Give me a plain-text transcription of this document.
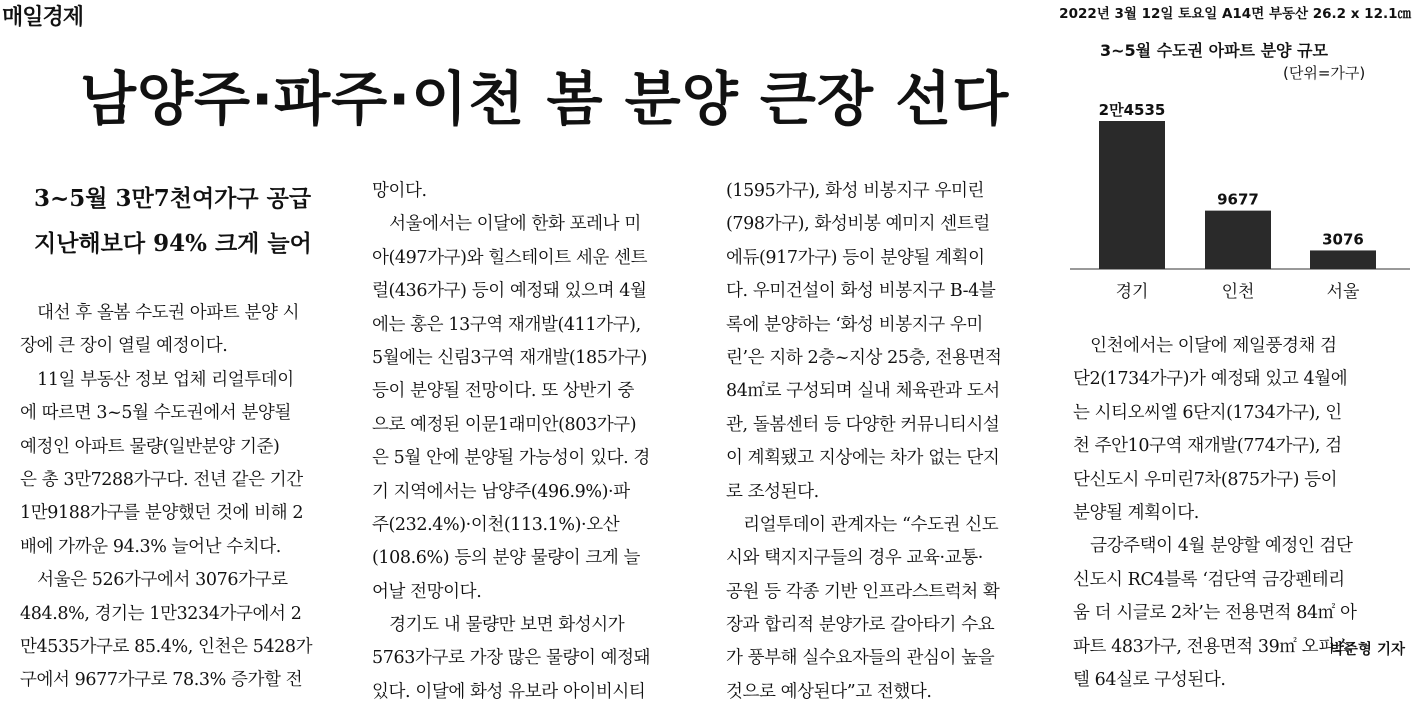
매일경제	2022년 3월 12일 토요일 A14면 부동산 26.2 x 12.1㎝
남양주·파주·이천 봄 분양 큰장 선다
3~5월 3만7천여가구 공급
지난해보다 94% 크게 늘어
　대선 후 올봄 수도권 아파트 분양 시
장에 큰 장이 열릴 예정이다.
　11일 부동산 정보 업체 리얼투데이
에 따르면 3~5월 수도권에서 분양될
예정인 아파트 물량(일반분양 기준)
은 총 3만7288가구다. 전년 같은 기간
1만9188가구를 분양했던 것에 비해 2
배에 가까운 94.3% 늘어난 수치다.
　서울은 526가구에서 3076가구로
484.8%, 경기는 1만3234가구에서 2
만4535가구로 85.4%, 인천은 5428가
구에서 9677가구로 78.3% 증가할 전
망이다.
　서울에서는 이달에 한화 포레나 미
아(497가구)와 힐스테이트 세운 센트
럴(436가구) 등이 예정돼 있으며 4월
에는 홍은 13구역 재개발(411가구),
5월에는 신림3구역 재개발(185가구)
등이 분양될 전망이다. 또 상반기 중
으로 예정된 이문1래미안(803가구)
은 5월 안에 분양될 가능성이 있다. 경
기 지역에서는 남양주(496.9%)·파
주(232.4%)·이천(113.1%)·오산
(108.6%) 등의 분양 물량이 크게 늘
어날 전망이다.
　경기도 내 물량만 보면 화성시가
5763가구로 가장 많은 물량이 예정돼
있다. 이달에 화성 유보라 아이비시티
(1595가구), 화성 비봉지구 우미린
(798가구), 화성비봉 예미지 센트럴
에듀(917가구) 등이 분양될 계획이
다. 우미건설이 화성 비봉지구 B-4블
록에 분양하는 ‘화성 비봉지구 우미
린’은 지하 2층~지상 25층, 전용면적
84㎡로 구성되며 실내 체육관과 도서
관, 돌봄센터 등 다양한 커뮤니티시설
이 계획됐고 지상에는 차가 없는 단지
로 조성된다.
　리얼투데이 관계자는 “수도권 신도
시와 택지지구들의 경우 교육·교통·
공원 등 각종 기반 인프라스트럭처 확
장과 합리적 분양가로 갈아타기 수요
가 풍부해 실수요자들의 관심이 높을
것으로 예상된다”고 전했다.
　인천에서는 이달에 제일풍경채 검
단2(1734가구)가 예정돼 있고 4월에
는 시티오씨엘 6단지(1734가구), 인
천 주안10구역 재개발(774가구), 검
단신도시 우미린7차(875가구) 등이
분양될 계획이다.
　금강주택이 4월 분양할 예정인 검단
신도시 RC4블록 ‘검단역 금강펜테리
움 더 시글로 2차’는 전용면적 84㎡ 아
파트 483가구, 전용면적 39㎡ 오피스
텔 64실로 구성된다.
3~5월 수도권 아파트 분양 규모
(단위=가구)
2만4535
경기
9677
인천
3076
서울
박준형 기자
